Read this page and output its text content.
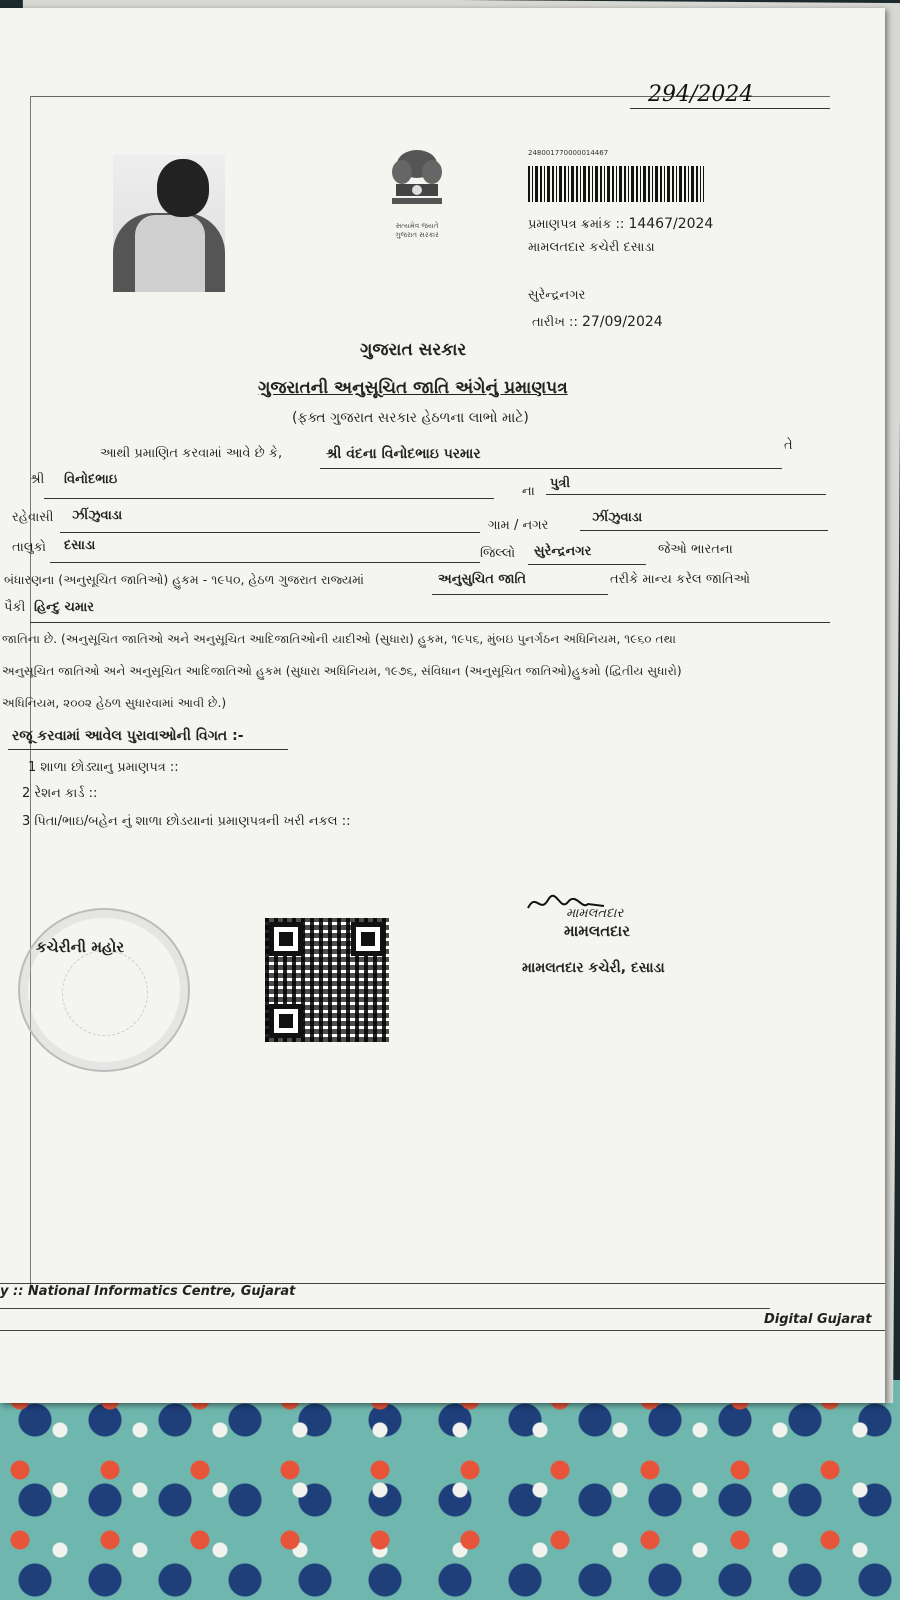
294/2024
સત્યમેવ જયતે
ગુજરાત સરકાર
248001770000014467
પ્રમાણપત્ર ક્રમાંક :: 14467/2024
મામલતદાર કચેરી દસાડા
સુરેન્દ્રનગર
તારીખ :: 27/09/2024
ગુજરાત સરકાર
ગુજરાતની અનુસૂચિત જાતિ અંગેનું પ્રમાણપત્ર
(ફક્ત ગુજરાત સરકાર હેઠળના લાભો માટે)
આથી પ્રમાણિત કરવામાં આવે છે કે,	શ્રી વંદના વિનોદભાઇ પરમાર
તે
શ્રી વિનોદભાઇ
ના
પુત્રી
રહેવાસી ઝીંઝુવાડા
ગામ / નગર
ઝીંઝુવાડા
તાલુકો દસાડા
જિલ્લો સુરેન્દ્રનગર	જેઓ ભારતના
બંધારણના (અનુસૂચિત જાતિઓ) હુકમ - ૧૯૫૦, હેઠળ ગુજરાત રાજ્યમાં	અનુસુચિત જાતિ	તરીકે માન્ય કરેલ જાતિઓ
પૈકી હિન્દુ ચમાર
જાતિના છે. (અનુસૂચિત જાતિઓ અને અનુસૂચિત આદિજાતિઓની યાદીઓ (સુધારા) હુકમ, ૧૯૫૬, મુંબઇ પુનર્ગઠન અધિનિયમ, ૧૯૬૦ તથા
અનુસૂચિત જાતિઓ અને અનુસૂચિત આદિજાતિઓ હુકમ (સુધારા અધિનિયમ, ૧૯૭૬, સંવિધાન (અનુસૂચિત જાતિઓ)હુકમો (દ્વિતીય સુધારો)
અધિનિયમ, ૨૦૦૨ હેઠળ સુધારવામાં આવી છે.)
રજૂ કરવામાં આવેલ પુરાવાઓની વિગત :-
1 શાળા છોડ્યાનુ પ્રમાણપત્ર ::
2 રેશન કાર્ડ ::
3 પિતા/ભાઇ/બહેન નું શાળા છોડયાનાં પ્રમાણપત્રની ખરી નકલ ::
કચેરીની મહોર
મામલતદાર
મામલતદાર
મામલતદાર કચેરી, દસાડા
y :: National Informatics Centre, Gujarat
Digital Gujarat
